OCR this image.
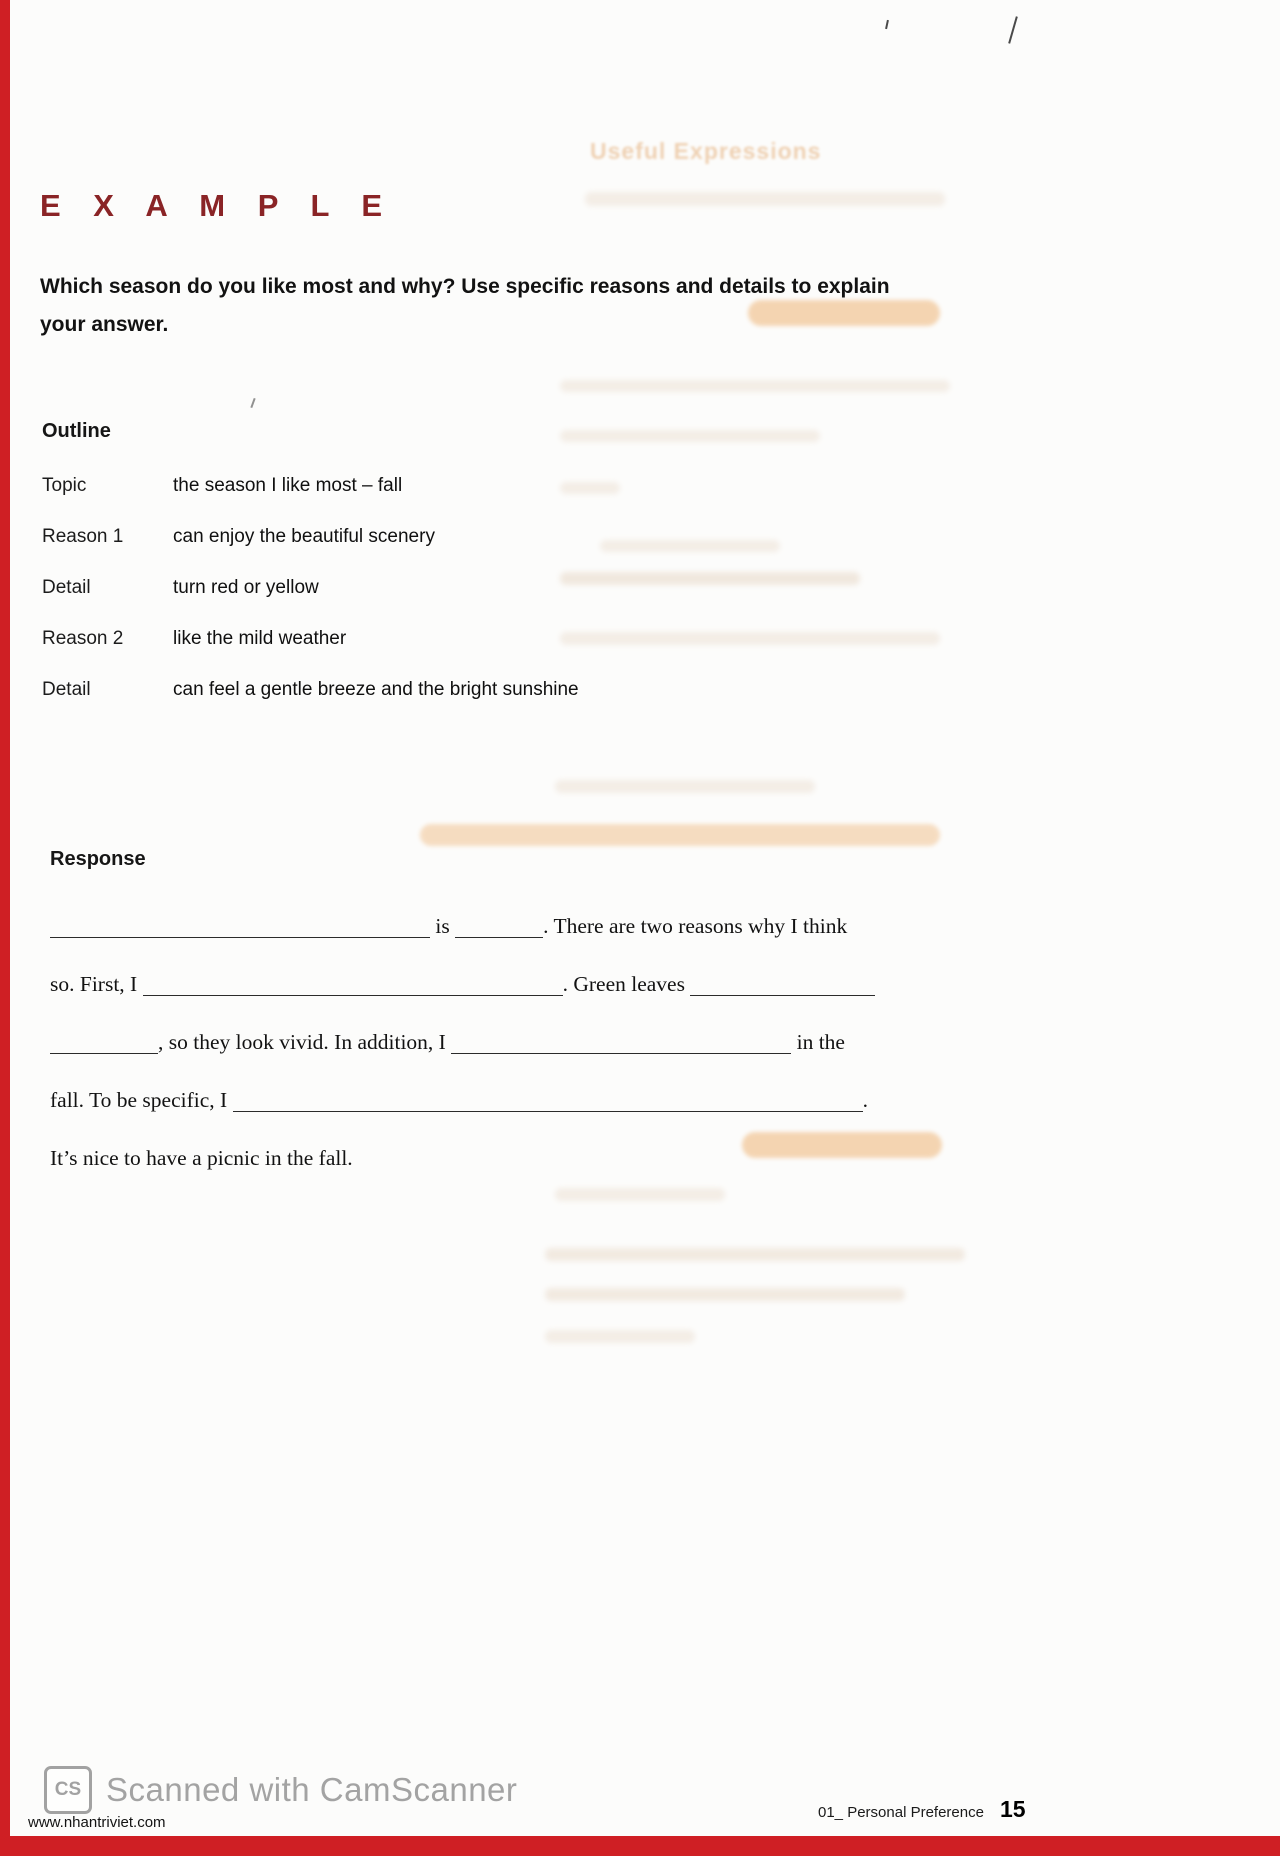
Useful Expressions
E X A M P L E

Which season do you like most and why? Use specific reasons and details to explain your answer.

Outline
Topic	the season I like most – fall
Reason 1	can enjoy the beautiful scenery
Detail	turn red or yellow
Reason 2	like the mild weather
Detail	can feel a gentle breeze and the bright sunshine
Response
is	. There are two reasons why I think
so. First, I	. Green leaves
, so they look vivid. In addition, I	in the
fall. To be specific, I	.
It’s nice to have a picnic in the fall.
CS Scanned with CamScanner
www.nhantriviet.com
01_ Personal Preference 15
